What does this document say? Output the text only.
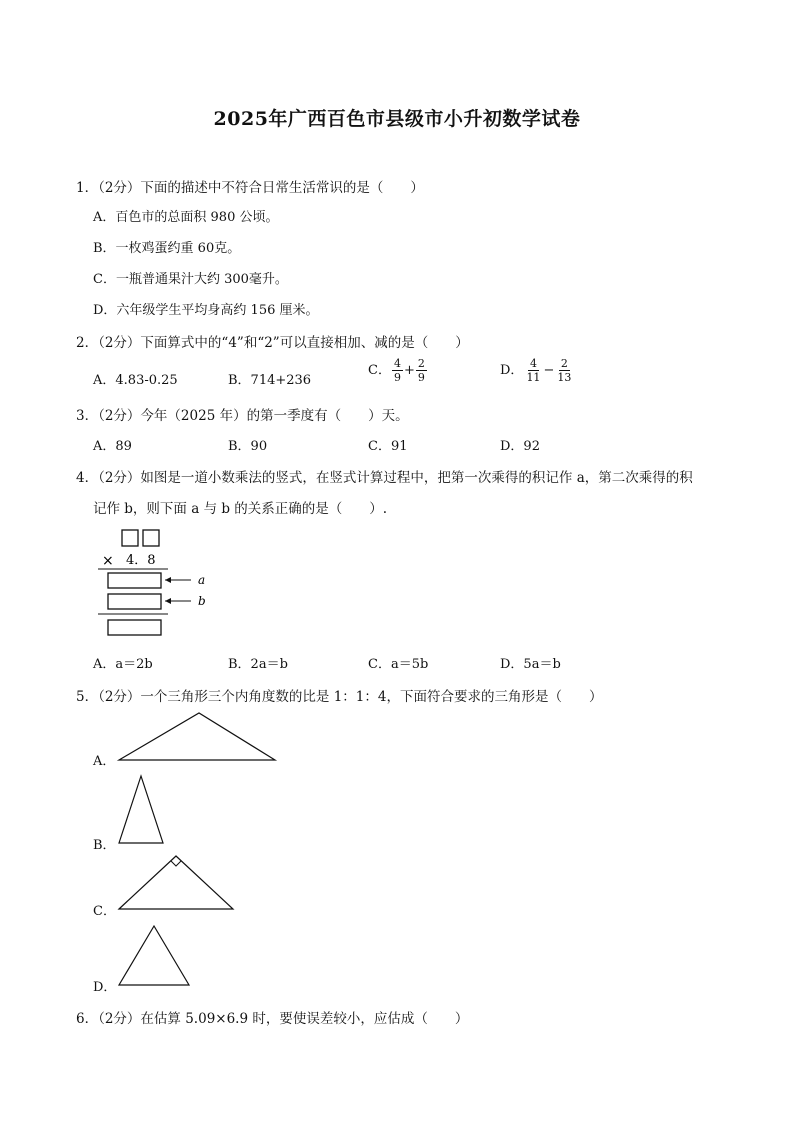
2025年广西百色市县级市小升初数学试卷
1．（2分）下面的描述中不符合日常生活常识的是（　　）
A．百色市的总面积 980 公顷。
B．一枚鸡蛋约重 60克。
C．一瓶普通果汁大约 300毫升。
D．六年级学生平均身高约 156 厘米。
2．（2分）下面算式中的“4”和“2”可以直接相加、减的是（　　）
A．4.83-0.25	B．714+236
C． $\frac{4}{9} + \frac{2}{9}$	D． $\frac{4}{11} - \frac{2}{13}$
3．（2分）今年（2025 年）的第一季度有（　　）天。
A．89	B．90	C．91	D．92
4．（2分）如图是一道小数乘法的竖式，在竖式计算过程中，把第一次乘得的积记作 a，第二次乘得的积
记作 b，则下面 a 与 b 的关系正确的是（　　）.
× 4．8
a
b
A．a＝2b	B．2a＝b	C．a＝5b	D．5a＝b
5．（2分）一个三角形三个内角度数的比是 1：1：4，下面符合要求的三角形是（　　）
A．
B．
C．
D．
6．（2分）在估算 5.09×6.9 时，要使误差较小，应估成（　　）
